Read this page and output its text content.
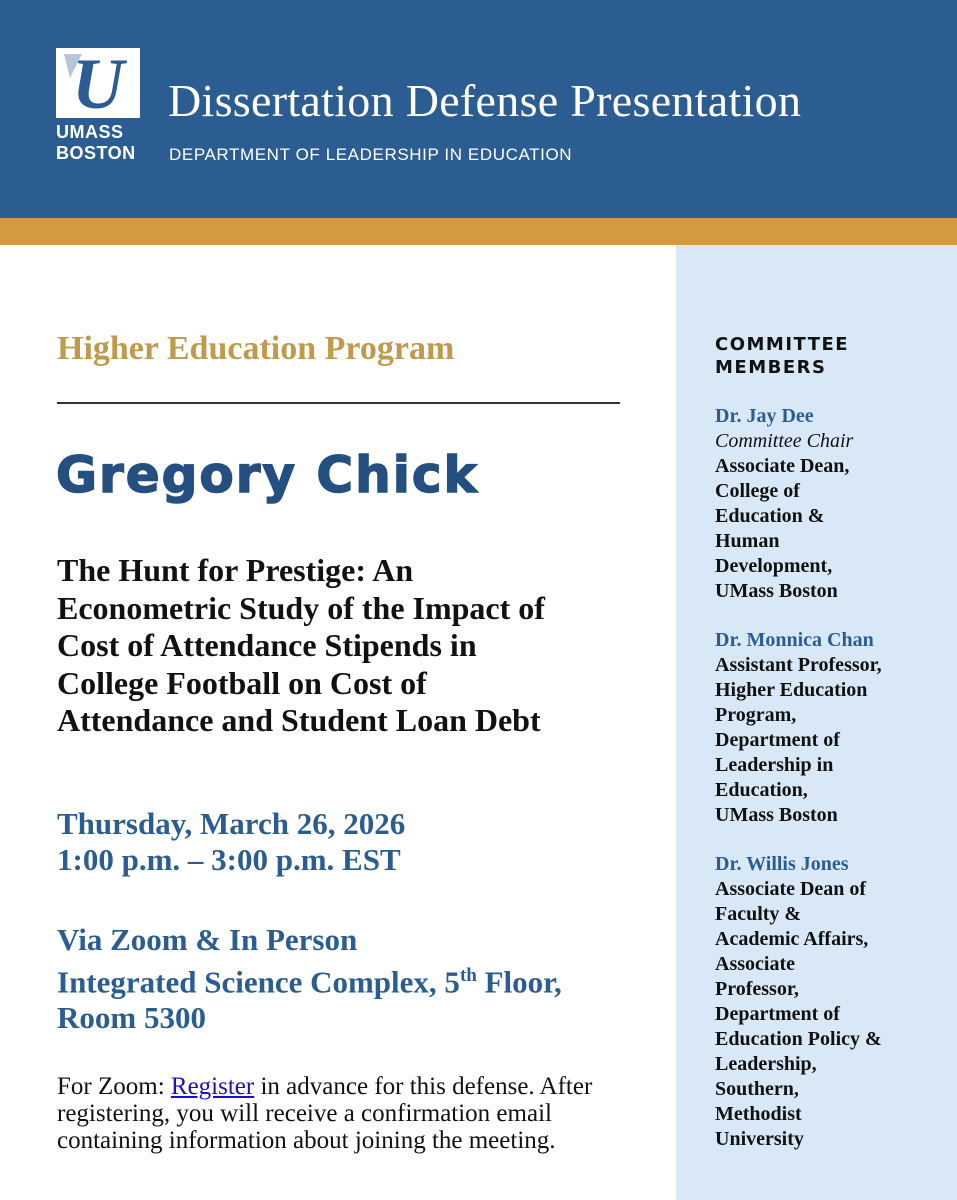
U
UMASS
BOSTON
Dissertation Defense Presentation
DEPARTMENT OF LEADERSHIP IN EDUCATION
Higher Education Program
Gregory Chick
The Hunt for Prestige: An
Econometric Study of the Impact of
Cost of Attendance Stipends in
College Football on Cost of
Attendance and Student Loan Debt
Thursday, March 26, 2026
1:00 p.m. – 3:00 p.m. EST
Via Zoom & In Person
Integrated Science Complex, 5th Floor,
Room 5300
For Zoom: Register in advance for this defense. After
registering, you will receive a confirmation email
containing information about joining the meeting.
COMMITTEE
MEMBERS
Dr. Jay Dee
Committee Chair
Associate Dean,
College of
Education &
Human
Development,
UMass Boston
Dr. Monnica Chan
Assistant Professor,
Higher Education
Program,
Department of
Leadership in
Education,
UMass Boston
Dr. Willis Jones
Associate Dean of
Faculty &
Academic Affairs,
Associate
Professor,
Department of
Education Policy &
Leadership,
Southern,
Methodist
University
